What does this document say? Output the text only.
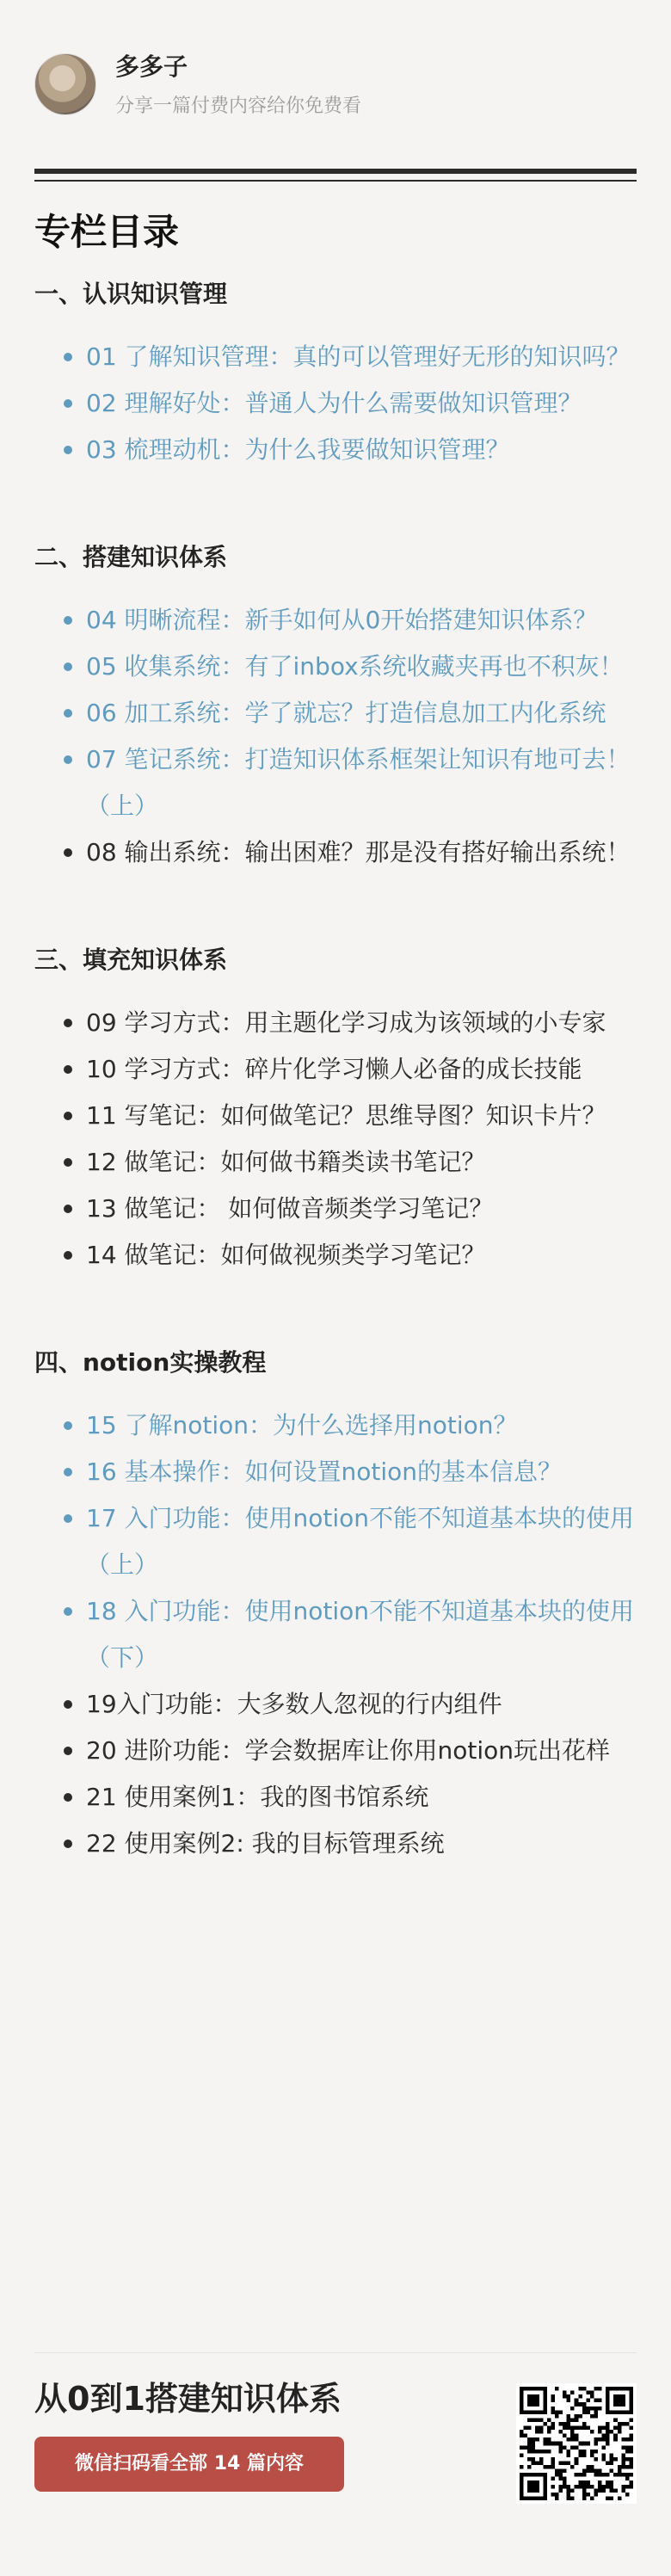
多多子
分享一篇付费内容给你免费看
专栏目录
一、认识知识管理
01 了解知识管理：真的可以管理好无形的知识吗？
02 理解好处：普通人为什么需要做知识管理？
03 梳理动机：为什么我要做知识管理？
二、搭建知识体系
04 明晰流程：新手如何从0开始搭建知识体系？
05 收集系统：有了inbox系统收藏夹再也不积灰！
06 加工系统：学了就忘？打造信息加工内化系统
07 笔记系统：打造知识体系框架让知识有地可去！（上）
08 输出系统：输出困难？那是没有搭好输出系统！
三、填充知识体系
09 学习方式：用主题化学习成为该领域的小专家
10 学习方式：碎片化学习懒人必备的成长技能
11 写笔记：如何做笔记？思维导图？知识卡片？
12 做笔记：如何做书籍类读书笔记？
13 做笔记： 如何做音频类学习笔记？
14 做笔记：如何做视频类学习笔记？
四、notion实操教程
15 了解notion：为什么选择用notion？
16 基本操作：如何设置notion的基本信息？
17 入门功能：使用notion不能不知道基本块的使用（上）
18 入门功能：使用notion不能不知道基本块的使用（下）
19入门功能：大多数人忽视的行内组件
20 进阶功能：学会数据库让你用notion玩出花样
21 使用案例1：我的图书馆系统
22 使用案例2: 我的目标管理系统
从0到1搭建知识体系
微信扫码看全部 14 篇内容
